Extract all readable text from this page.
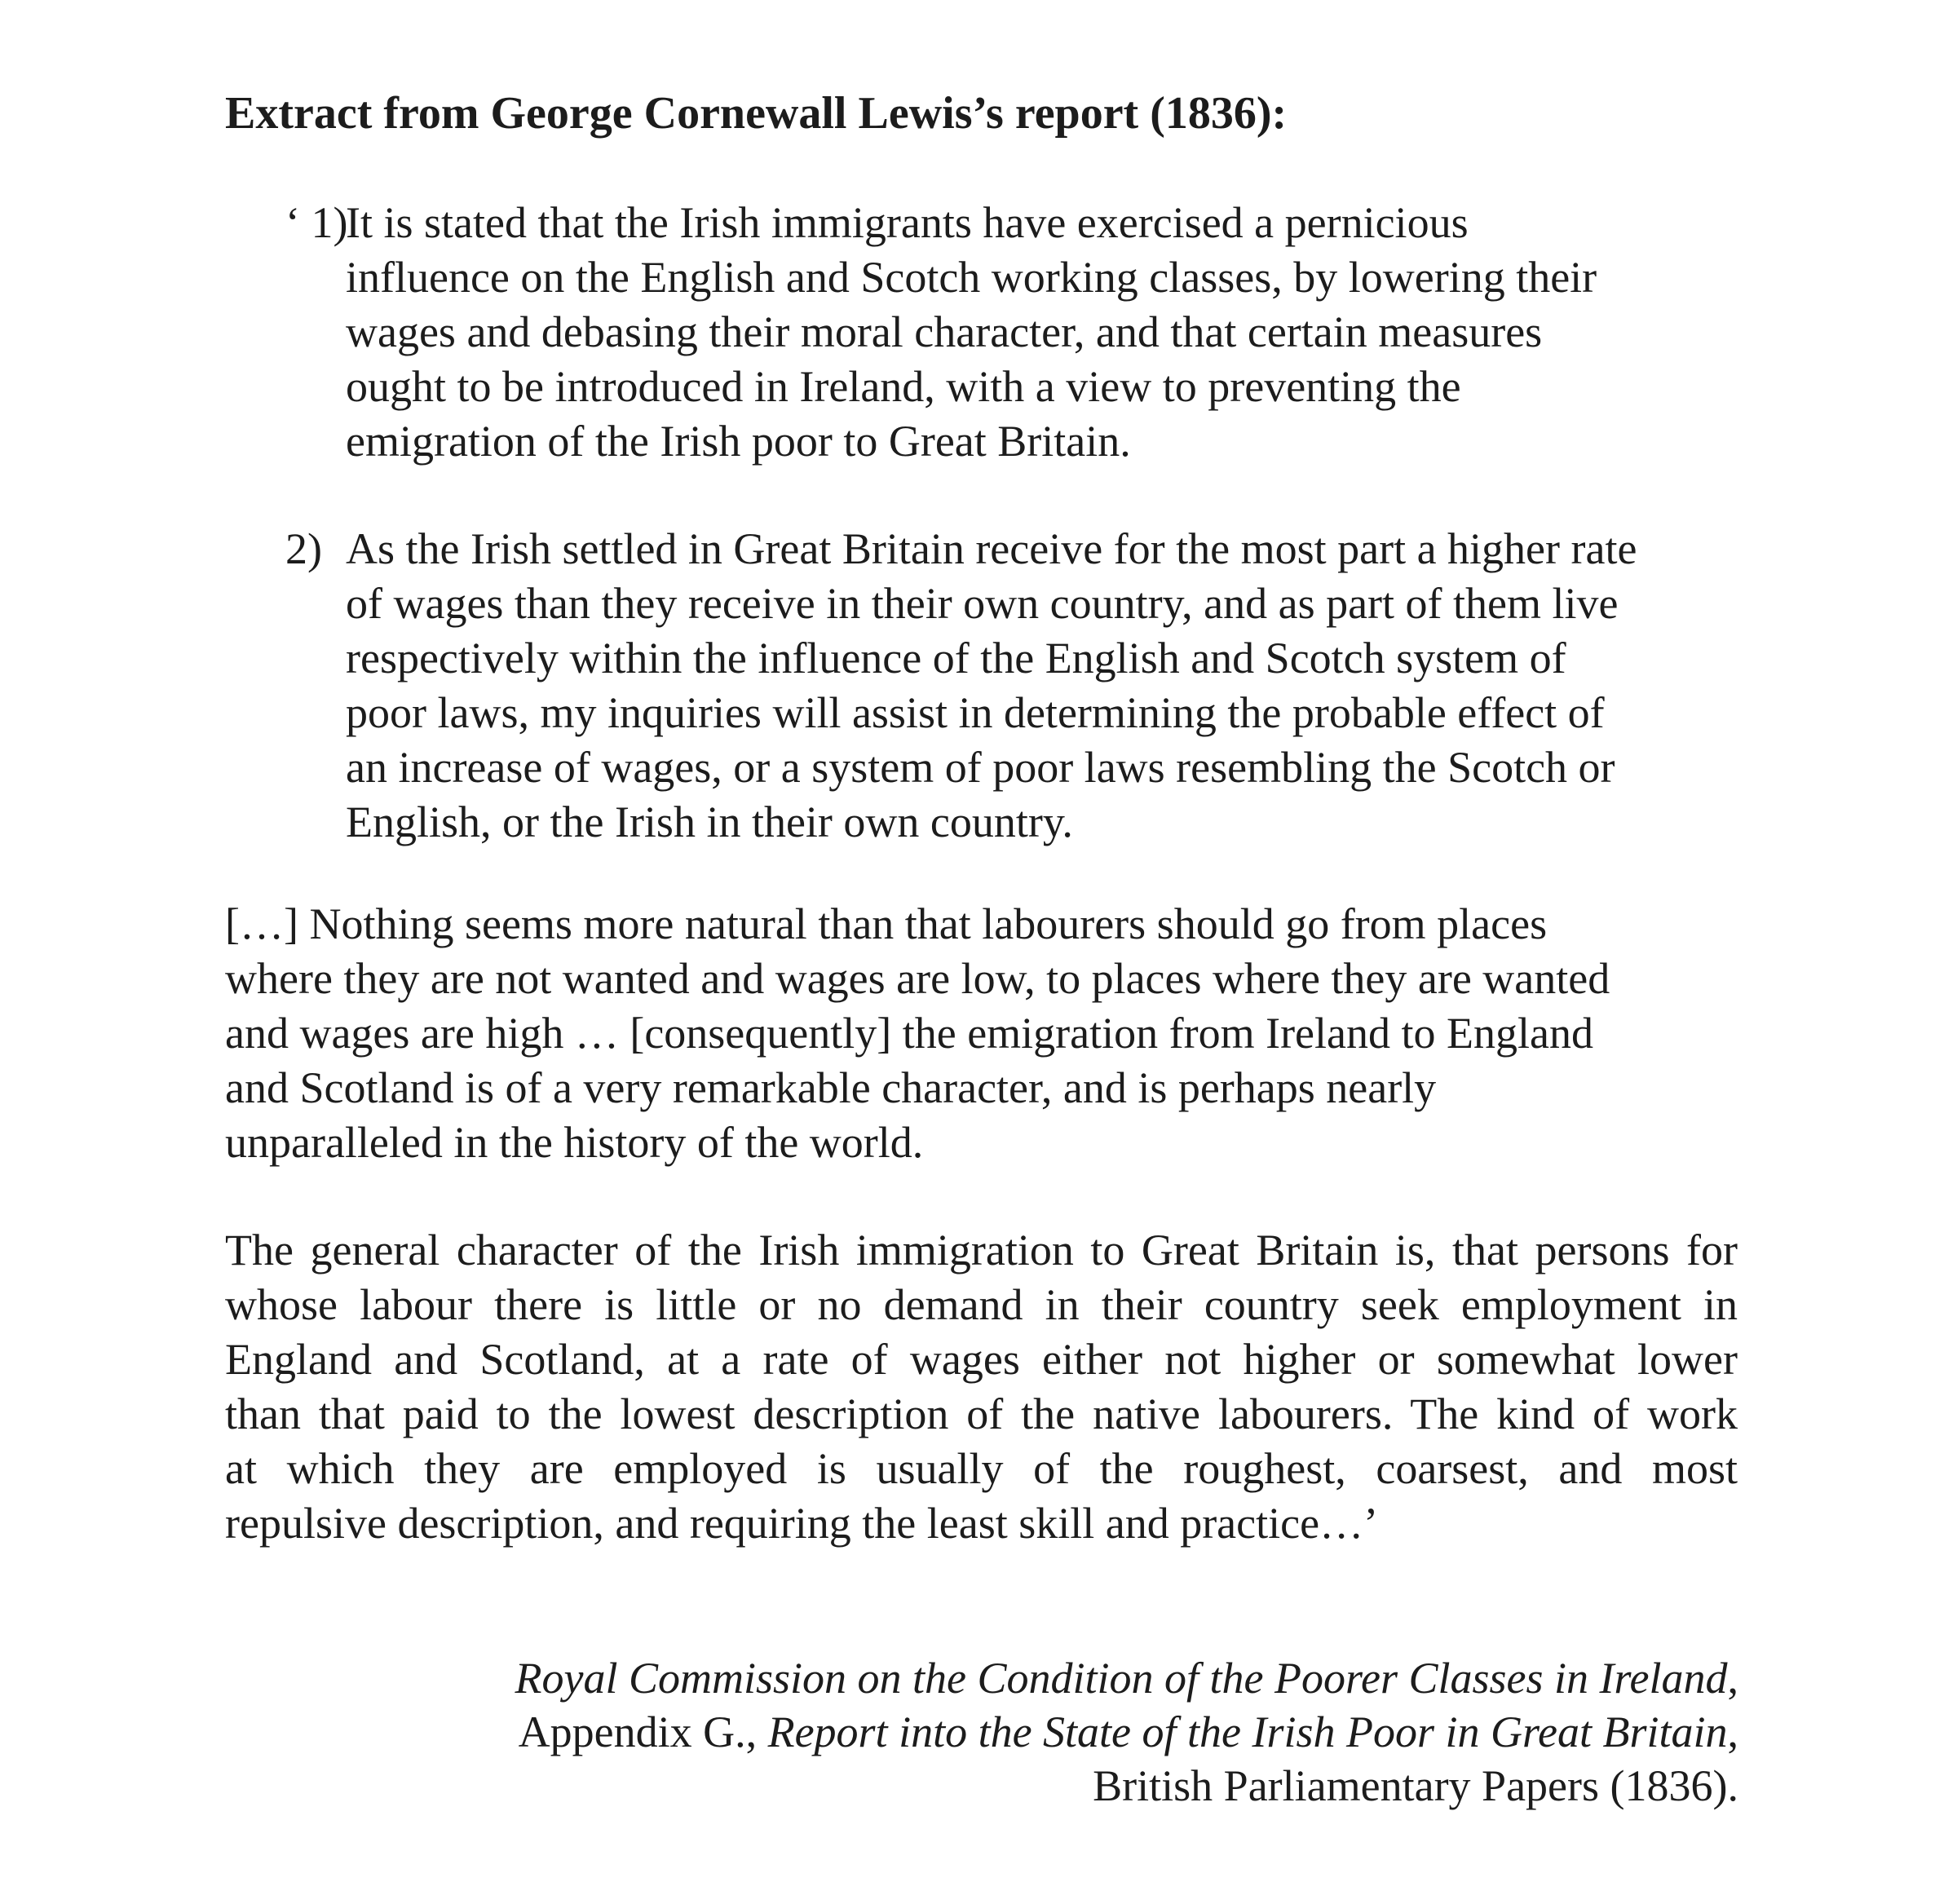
Extract from George Cornewall Lewis’s report (1836):
‘ 1)
It is stated that the Irish immigrants have exercised a pernicious
influence on the English and Scotch working classes, by lowering their
wages and debasing their moral character, and that certain measures
ought to be introduced in Ireland, with a view to preventing the
emigration of the Irish poor to Great Britain.
2) As the Irish settled in Great Britain receive for the most part a higher rate
of wages than they receive in their own country, and as part of them live
respectively within the influence of the English and Scotch system of
poor laws, my inquiries will assist in determining the probable effect of
an increase of wages, or a system of poor laws resembling the Scotch or
English, or the Irish in their own country.
[…] Nothing seems more natural than that labourers should go from places
where they are not wanted and wages are low, to places where they are wanted
and wages are high … [consequently] the emigration from Ireland to England
and Scotland is of a very remarkable character, and is perhaps nearly
unparalleled in the history of the world.
The general character of the Irish immigration to Great Britain is, that persons for
whose labour there is little or no demand in their country seek employment in
England and Scotland, at a rate of wages either not higher or somewhat lower
than that paid to the lowest description of the native labourers. The kind of work
at which they are employed is usually of the roughest, coarsest, and most
repulsive description, and requiring the least skill and practice…’
Royal Commission on the Condition of the Poorer Classes in Ireland,
Appendix G., Report into the State of the Irish Poor in Great Britain,
British Parliamentary Papers (1836).
